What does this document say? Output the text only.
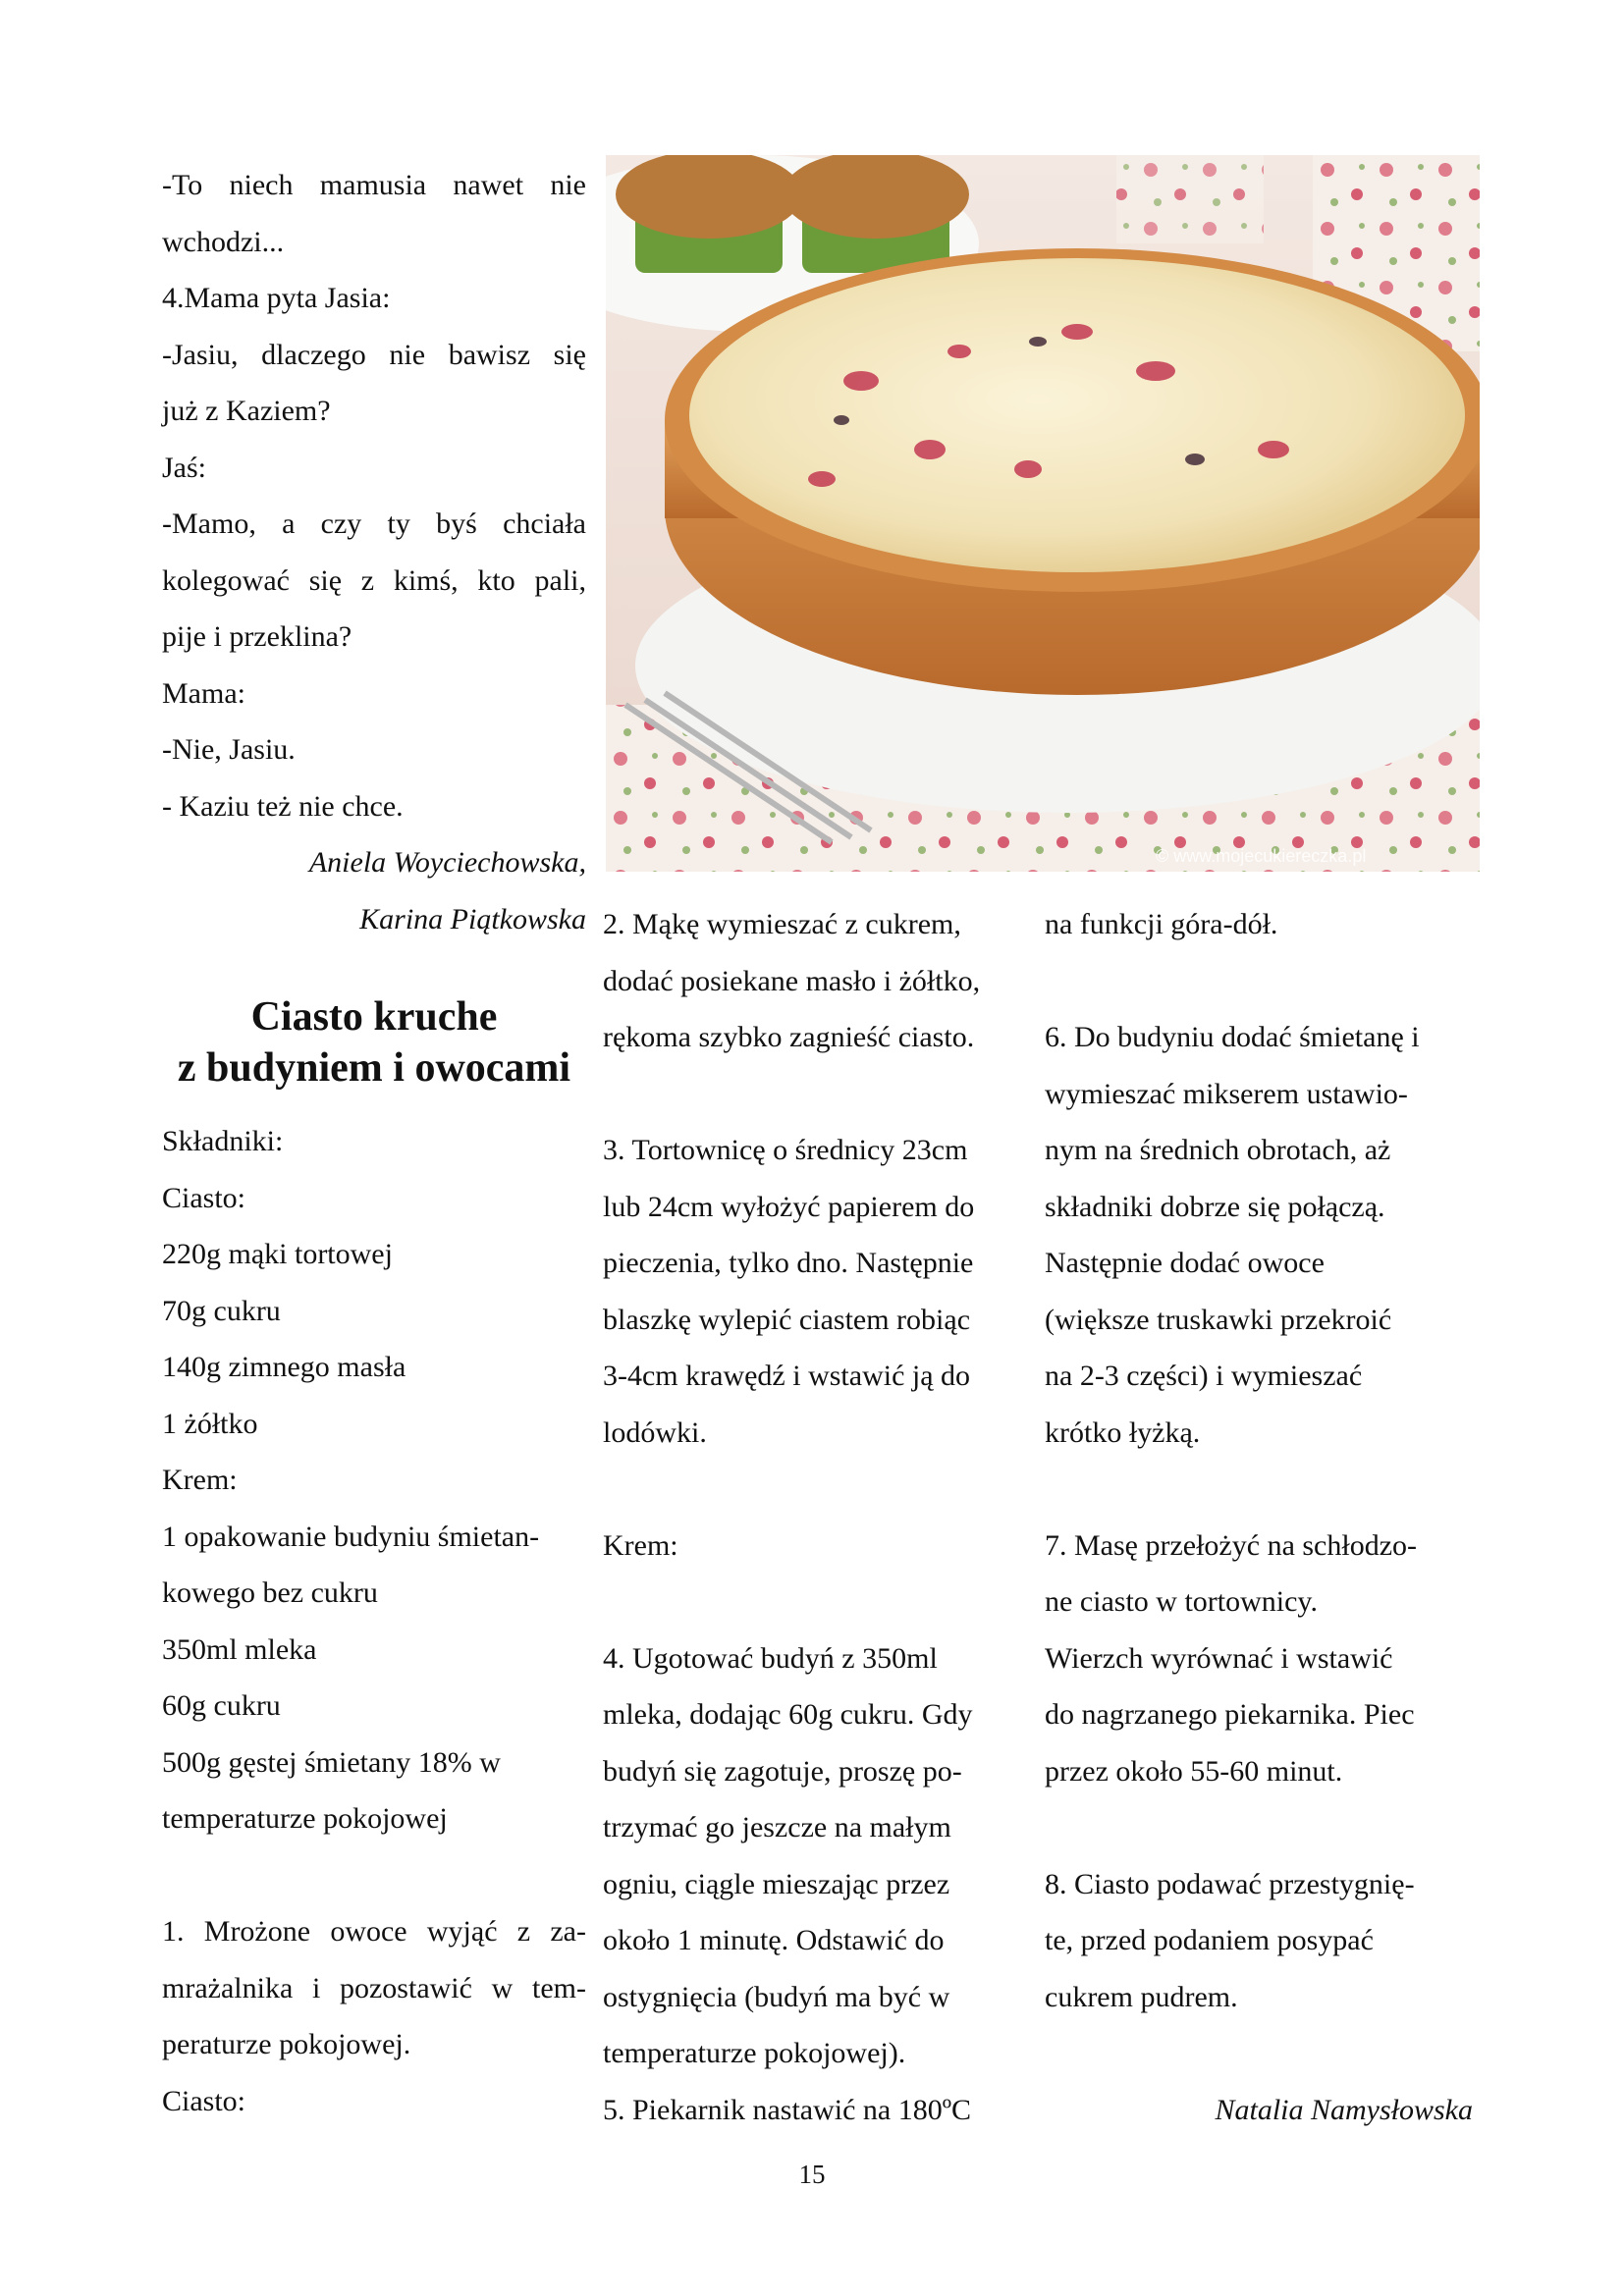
-To niech mamusia nawet nie
wchodzi...
4.Mama pyta Jasia:
-Jasiu, dlaczego nie bawisz się
już z Kaziem?
Jaś:
-Mamo, a czy ty byś chciała
kolegować się z kimś, kto pali,
pije i przeklina?
Mama:
-Nie, Jasiu.
- Kaziu też nie chce.
Aniela Woyciechowska,
Karina Piątkowska
Ciasto kruche
z budyniem i owocami
Składniki:
Ciasto:
220g mąki tortowej
70g cukru
140g zimnego masła
1 żółtko
Krem:
1 opakowanie budyniu śmietan-
kowego bez cukru
350ml mleka
60g cukru
500g gęstej śmietany 18% w
temperaturze pokojowej
1. Mrożone owoce wyjąć z za-
mrażalnika i pozostawić w tem-
peraturze pokojowej.
Ciasto:
© www.mojecukiereczka.pl
2. Mąkę wymieszać z cukrem,
dodać posiekane masło i żółtko,
rękoma szybko zagnieść ciasto.
3. Tortownicę o średnicy 23cm
lub 24cm wyłożyć papierem do
pieczenia, tylko dno. Następnie
blaszkę wylepić ciastem robiąc
3-4cm krawędź i wstawić ją do
lodówki.
Krem:
4. Ugotować budyń z 350ml
mleka, dodając 60g cukru. Gdy
budyń się zagotuje, proszę po-
trzymać go jeszcze na małym
ogniu, ciągle mieszając przez
około 1 minutę. Odstawić do
ostygnięcia (budyń ma być w
temperaturze pokojowej).
5. Piekarnik nastawić na 180ºC
na funkcji góra-dół.
6. Do budyniu dodać śmietanę i
wymieszać mikserem ustawio-
nym na średnich obrotach, aż
składniki dobrze się połączą.
Następnie dodać owoce
(większe truskawki przekroić
na 2-3 części) i wymieszać
krótko łyżką.
7. Masę przełożyć na schłodzo-
ne ciasto w tortownicy.
Wierzch wyrównać i wstawić
do nagrzanego piekarnika. Piec
przez około 55-60 minut.
8. Ciasto podawać przestygnię-
te, przed podaniem posypać
cukrem pudrem.
Natalia Namysłowska
15
